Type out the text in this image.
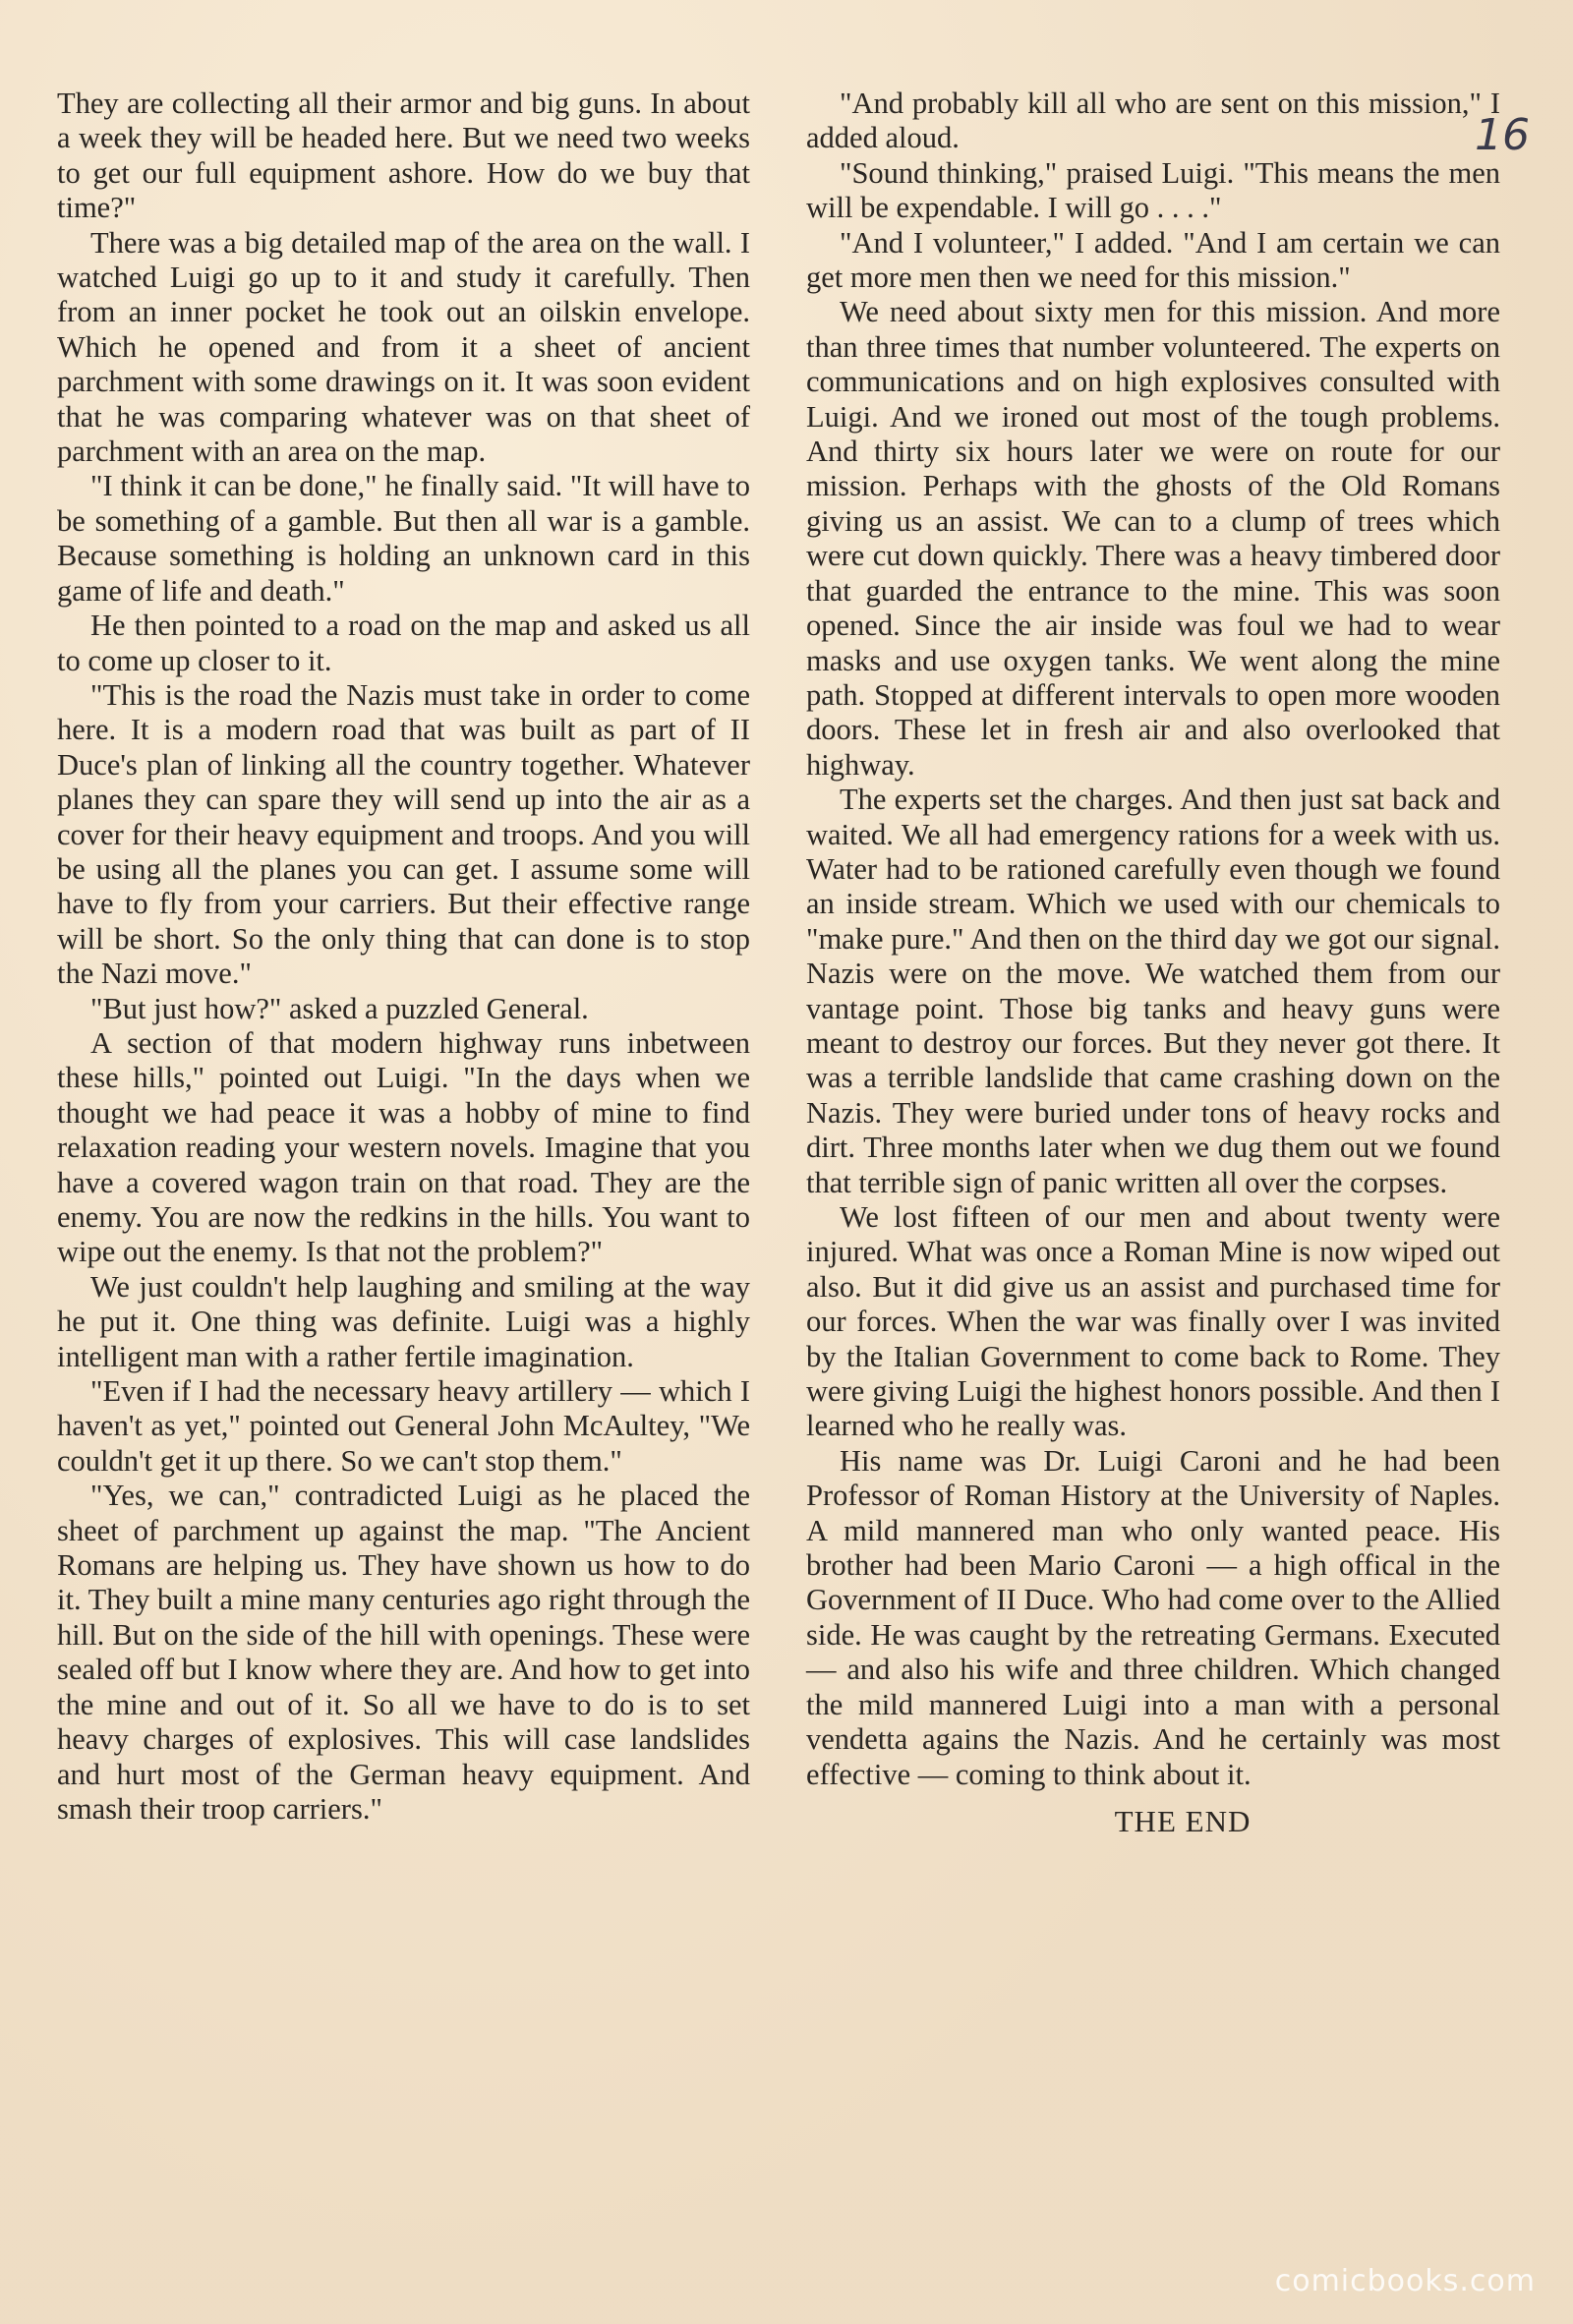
16

They are collecting all their armor and big guns. In about a week they will be headed here. But we need two weeks to get our full equipment ashore. How do we buy that time?"

There was a big detailed map of the area on the wall. I watched Luigi go up to it and study it carefully. Then from an inner pocket he took out an oilskin envelope. Which he opened and from it a sheet of ancient parchment with some drawings on it. It was soon evident that he was comparing whatever was on that sheet of parchment with an area on the map.

"I think it can be done," he finally said. "It will have to be something of a gamble. But then all war is a gamble. Because something is holding an unknown card in this game of life and death."

He then pointed to a road on the map and asked us all to come up closer to it.

"This is the road the Nazis must take in order to come here. It is a modern road that was built as part of II Duce's plan of linking all the country together. Whatever planes they can spare they will send up into the air as a cover for their heavy equipment and troops. And you will be using all the planes you can get. I assume some will have to fly from your carriers. But their effective range will be short. So the only thing that can done is to stop the Nazi move."

"But just how?" asked a puzzled General.

A section of that modern highway runs inbetween these hills," pointed out Luigi. "In the days when we thought we had peace it was a hobby of mine to find relaxation reading your western novels. Imagine that you have a covered wagon train on that road. They are the enemy. You are now the redkins in the hills. You want to wipe out the enemy. Is that not the problem?"

We just couldn't help laughing and smiling at the way he put it. One thing was definite. Luigi was a highly intelligent man with a rather fertile imagination.

"Even if I had the necessary heavy artillery — which I haven't as yet," pointed out General John McAultey, "We couldn't get it up there. So we can't stop them."

"Yes, we can," contradicted Luigi as he placed the sheet of parchment up against the map. "The Ancient Romans are helping us. They have shown us how to do it. They built a mine many centuries ago right through the hill. But on the side of the hill with openings. These were sealed off but I know where they are. And how to get into the mine and out of it. So all we have to do is to set heavy charges of explosives. This will case landslides and hurt most of the German heavy equipment. And smash their troop carriers."

"And probably kill all who are sent on this mission," I added aloud.

"Sound thinking," praised Luigi. "This means the men will be expendable. I will go . . . ."

"And I volunteer," I added. "And I am certain we can get more men then we need for this mission."

We need about sixty men for this mission. And more than three times that number volunteered. The experts on communications and on high explosives consulted with Luigi. And we ironed out most of the tough problems. And thirty six hours later we were on route for our mission. Perhaps with the ghosts of the Old Romans giving us an assist. We can to a clump of trees which were cut down quickly. There was a heavy timbered door that guarded the entrance to the mine. This was soon opened. Since the air inside was foul we had to wear masks and use oxygen tanks. We went along the mine path. Stopped at different intervals to open more wooden doors. These let in fresh air and also overlooked that highway.

The experts set the charges. And then just sat back and waited. We all had emergency rations for a week with us. Water had to be rationed carefully even though we found an inside stream. Which we used with our chemicals to "make pure." And then on the third day we got our signal. Nazis were on the move. We watched them from our vantage point. Those big tanks and heavy guns were meant to destroy our forces. But they never got there. It was a terrible landslide that came crashing down on the Nazis. They were buried under tons of heavy rocks and dirt. Three months later when we dug them out we found that terrible sign of panic written all over the corpses.

We lost fifteen of our men and about twenty were injured. What was once a Roman Mine is now wiped out also. But it did give us an assist and purchased time for our forces. When the war was finally over I was invited by the Italian Government to come back to Rome. They were giving Luigi the highest honors possible. And then I learned who he really was.

His name was Dr. Luigi Caroni and he had been Professor of Roman History at the University of Naples. A mild mannered man who only wanted peace. His brother had been Mario Caroni — a high offical in the Government of II Duce. Who had come over to the Allied side. He was caught by the retreating Germans. Executed — and also his wife and three children. Which changed the mild mannered Luigi into a man with a personal vendetta agains the Nazis. And he certainly was most effective — coming to think about it.

THE END
comicbooks.com
